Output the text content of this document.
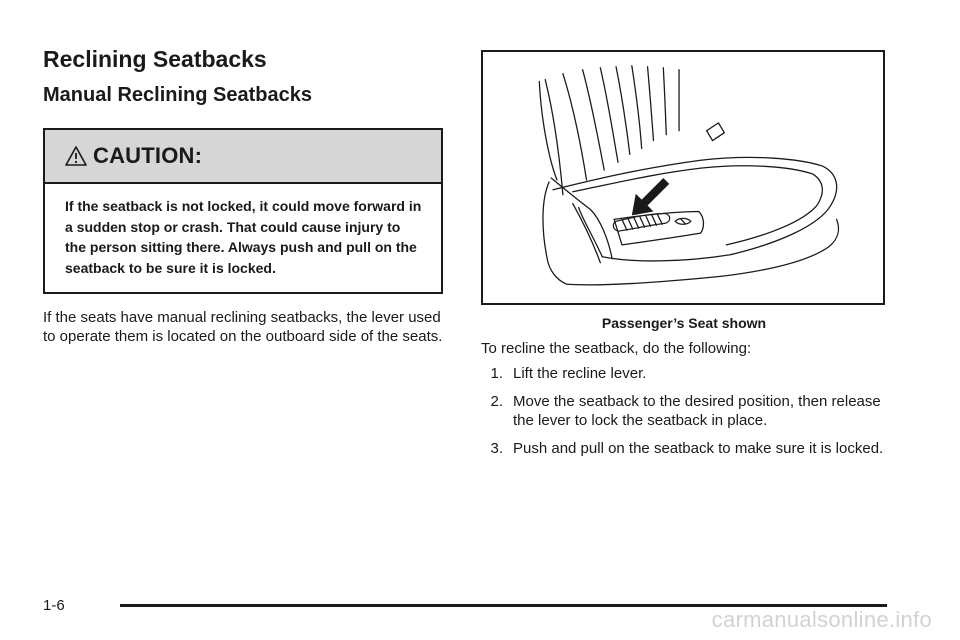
Reclining Seatbacks
Manual Reclining Seatbacks
CAUTION:
If the seatback is not locked, it could move forward in a sudden stop or crash. That could cause injury to the person sitting there. Always push and pull on the seatback to be sure it is locked.

If the seats have manual reclining seatbacks, the lever used to operate them is located on the outboard side of the seats.

Passenger’s Seat shown
To recline the seatback, do the following:
1. Lift the recline lever.
2. Move the seatback to the desired position, then release the lever to lock the seatback in place.
3. Push and pull on the seatback to make sure it is locked.
1-6
carmanualsonline.info
